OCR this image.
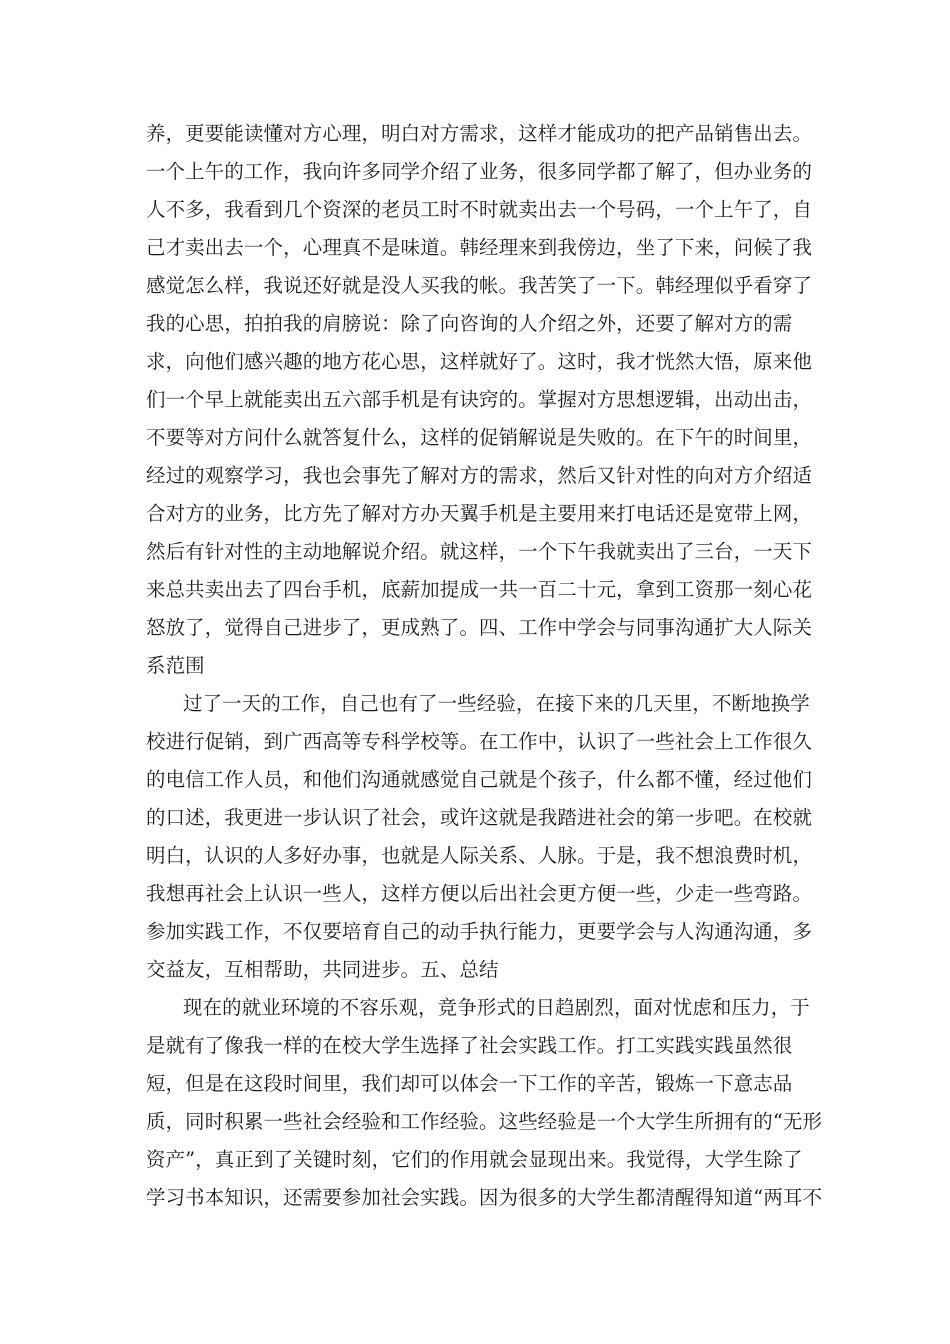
养，更要能读懂对方心理，明白对方需求，这样才能成功的把产品销售出去。
一个上午的工作，我向许多同学介绍了业务，很多同学都了解了，但办业务的
人不多，我看到几个资深的老员工时不时就卖出去一个号码，一个上午了，自
己才卖出去一个，心理真不是味道。韩经理来到我傍边，坐了下来，问候了我
感觉怎么样，我说还好就是没人买我的帐。我苦笑了一下。韩经理似乎看穿了
我的心思，拍拍我的肩膀说：除了向咨询的人介绍之外，还要了解对方的需
求，向他们感兴趣的地方花心思，这样就好了。这时，我才恍然大悟，原来他
们一个早上就能卖出五六部手机是有诀窍的。掌握对方思想逻辑，出动出击，
不要等对方问什么就答复什么，这样的促销解说是失败的。在下午的时间里，
经过的观察学习，我也会事先了解对方的需求，然后又针对性的向对方介绍适
合对方的业务，比方先了解对方办天翼手机是主要用来打电话还是宽带上网，
然后有针对性的主动地解说介绍。就这样，一个下午我就卖出了三台，一天下
来总共卖出去了四台手机，底薪加提成一共一百二十元，拿到工资那一刻心花
怒放了，觉得自己进步了，更成熟了。四、工作中学会与同事沟通扩大人际关
系范围
过了一天的工作，自己也有了一些经验，在接下来的几天里，不断地换学
校进行促销，到广西高等专科学校等。在工作中，认识了一些社会上工作很久
的电信工作人员，和他们沟通就感觉自己就是个孩子，什么都不懂，经过他们
的口述，我更进一步认识了社会，或许这就是我踏进社会的第一步吧。在校就
明白，认识的人多好办事，也就是人际关系、人脉。于是，我不想浪费时机，
我想再社会上认识一些人，这样方便以后出社会更方便一些，少走一些弯路。
参加实践工作，不仅要培育自己的动手执行能力，更要学会与人沟通沟通，多
交益友，互相帮助，共同进步。五、总结
现在的就业环境的不容乐观，竞争形式的日趋剧烈，面对忧虑和压力，于
是就有了像我一样的在校大学生选择了社会实践工作。打工实践实践虽然很
短，但是在这段时间里，我们却可以体会一下工作的辛苦，锻炼一下意志品
质，同时积累一些社会经验和工作经验。这些经验是一个大学生所拥有的“无形
资产”，真正到了关键时刻，它们的作用就会显现出来。我觉得，大学生除了
学习书本知识，还需要参加社会实践。因为很多的大学生都清醒得知道“两耳不
